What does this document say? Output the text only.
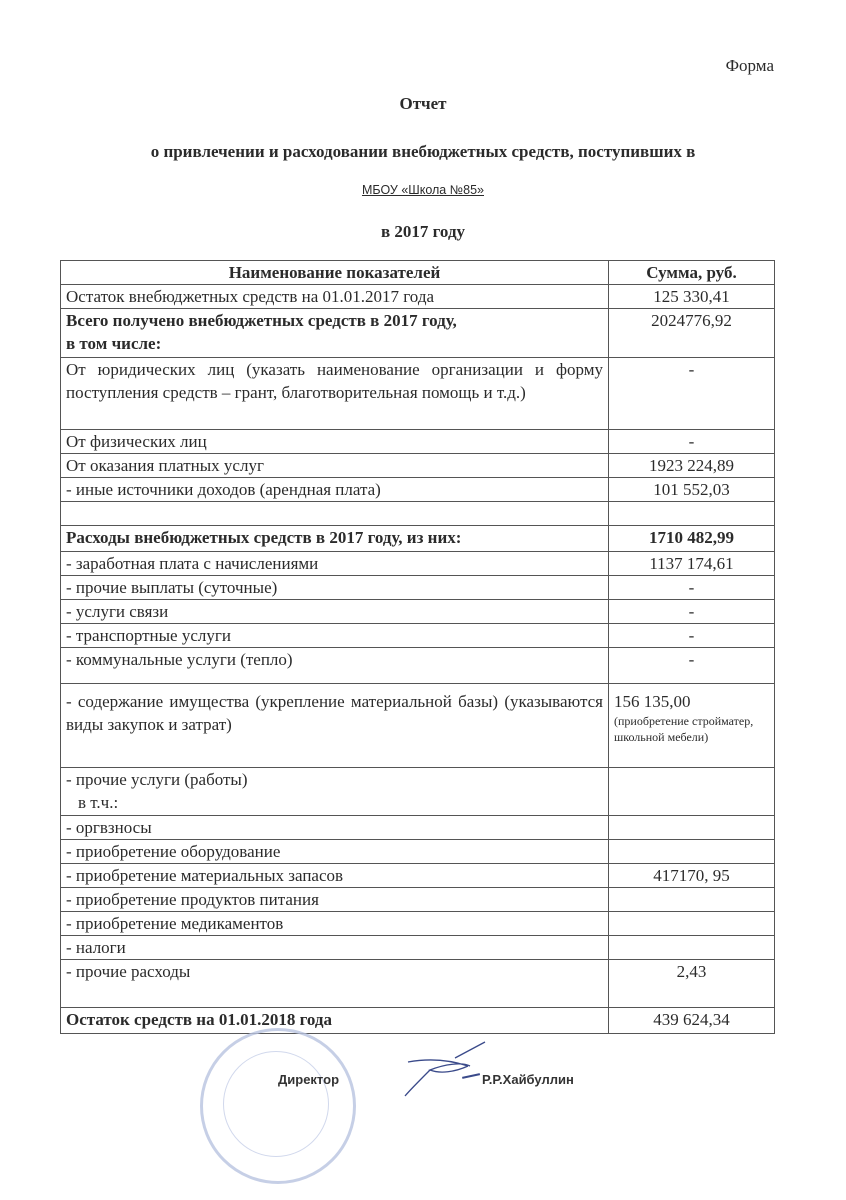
Форма
Отчет
о привлечении и расходовании внебюджетных средств, поступивших в
МБОУ «Школа №85»
в 2017 году
Наименование показателей	Сумма, руб.
Остаток внебюджетных средств на 01.01.2017 года	125 330,41

Всего получено внебюджетных средств в 2017 году,
в том числе:	2024776,92
От юридических лиц (указать наименование организации и форму поступления средств – грант, благотворительная помощь и т.д.)	-
От физических лиц	-
От оказания платных услуг	1923 224,89
- иные источники доходов (арендная плата)	101 552,03

Расходы внебюджетных средств в 2017 году, из них:	1710 482,99
- заработная плата с начислениями	1137 174,61
- прочие выплаты (суточные)	-
- услуги связи	-
- транспортные услуги	-
- коммунальные услуги (тепло)	-
- содержание имущества (укрепление материальной базы) (указываются виды закупок и затрат)	156 135,00
(приобретение стройматер, школьной мебели)

- прочие услуги (работы)
в т.ч.:	

- оргвзносы	
- приобретение оборудование	
- приобретение материальных запасов	417170, 95
- приобретение продуктов питания	
- приобретение медикаментов	
- налоги	
- прочие расходы	2,43
Остаток средств на 01.01.2018 года	439 624,34
Директор	Р.Р.Хайбуллин
